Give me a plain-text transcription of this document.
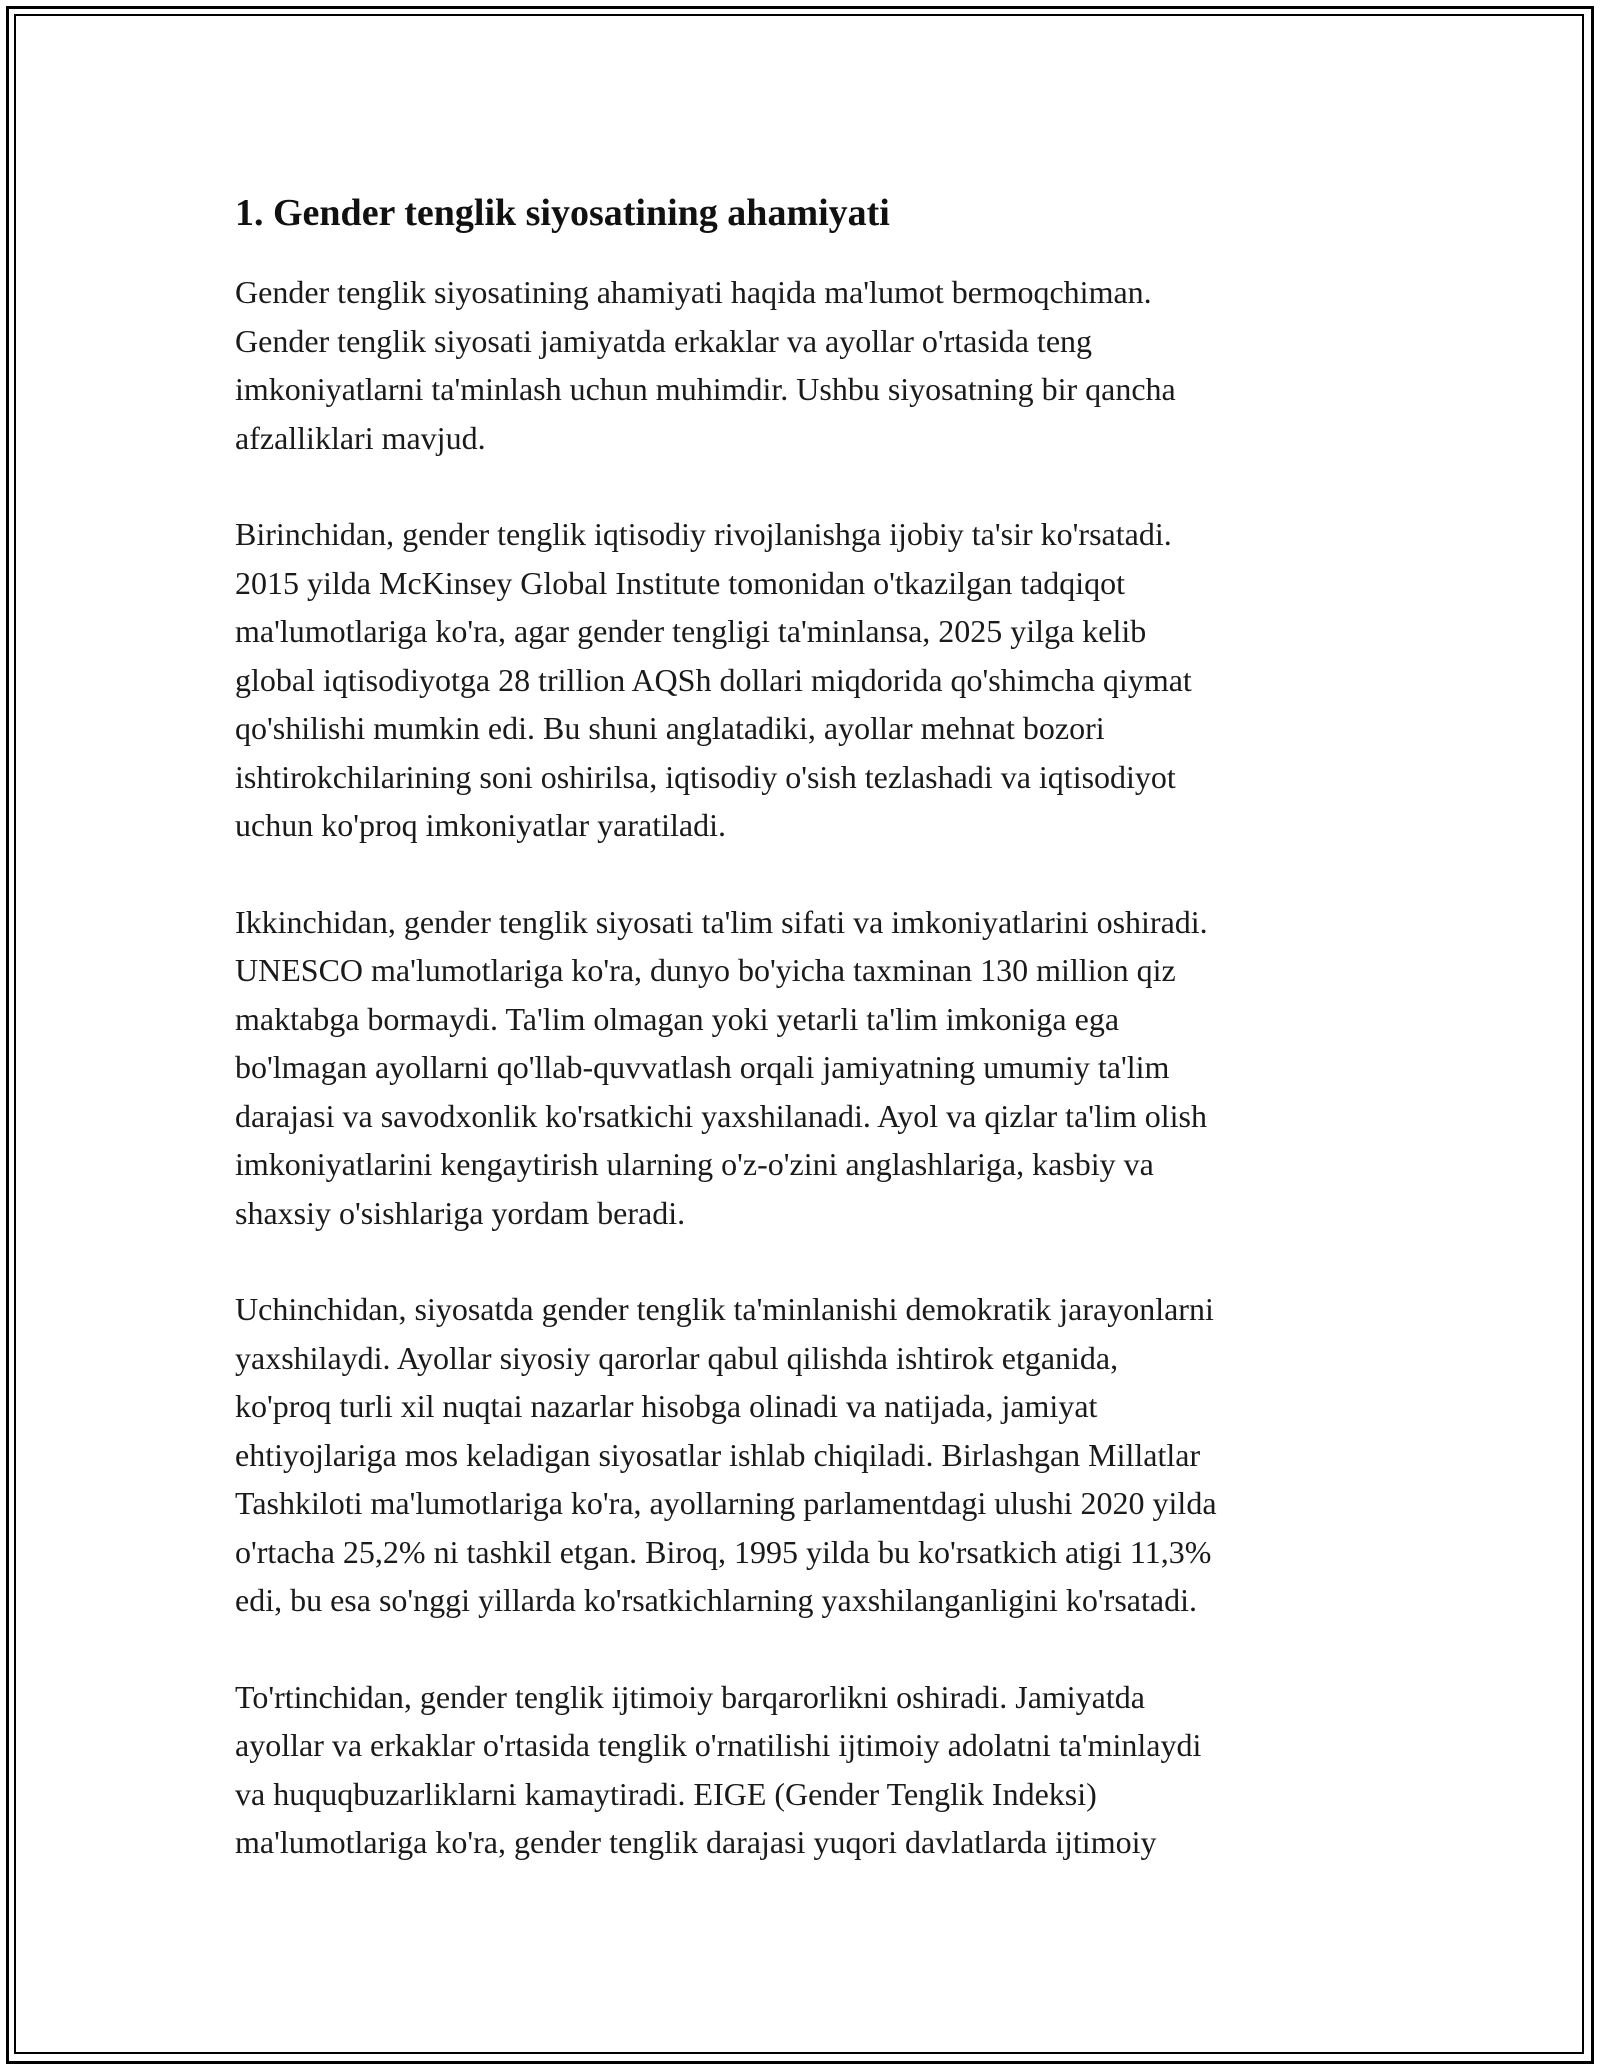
1. Gender tenglik siyosatining ahamiyati

Gender tenglik siyosatining ahamiyati haqida ma'lumot bermoqchiman.
Gender tenglik siyosati jamiyatda erkaklar va ayollar o'rtasida teng
imkoniyatlarni ta'minlash uchun muhimdir. Ushbu siyosatning bir qancha
afzalliklari mavjud.

Birinchidan, gender tenglik iqtisodiy rivojlanishga ijobiy ta'sir ko'rsatadi.
2015 yilda McKinsey Global Institute tomonidan o'tkazilgan tadqiqot
ma'lumotlariga ko'ra, agar gender tengligi ta'minlansa, 2025 yilga kelib
global iqtisodiyotga 28 trillion AQSh dollari miqdorida qo'shimcha qiymat
qo'shilishi mumkin edi. Bu shuni anglatadiki, ayollar mehnat bozori
ishtirokchilarining soni oshirilsa, iqtisodiy o'sish tezlashadi va iqtisodiyot
uchun ko'proq imkoniyatlar yaratiladi.

Ikkinchidan, gender tenglik siyosati ta'lim sifati va imkoniyatlarini oshiradi.
UNESCO ma'lumotlariga ko'ra, dunyo bo'yicha taxminan 130 million qiz
maktabga bormaydi. Ta'lim olmagan yoki yetarli ta'lim imkoniga ega
bo'lmagan ayollarni qo'llab-quvvatlash orqali jamiyatning umumiy ta'lim
darajasi va savodxonlik ko'rsatkichi yaxshilanadi. Ayol va qizlar ta'lim olish
imkoniyatlarini kengaytirish ularning o'z-o'zini anglashlariga, kasbiy va
shaxsiy o'sishlariga yordam beradi.

Uchinchidan, siyosatda gender tenglik ta'minlanishi demokratik jarayonlarni
yaxshilaydi. Ayollar siyosiy qarorlar qabul qilishda ishtirok etganida,
ko'proq turli xil nuqtai nazarlar hisobga olinadi va natijada, jamiyat
ehtiyojlariga mos keladigan siyosatlar ishlab chiqiladi. Birlashgan Millatlar
Tashkiloti ma'lumotlariga ko'ra, ayollarning parlamentdagi ulushi 2020 yilda
o'rtacha 25,2% ni tashkil etgan. Biroq, 1995 yilda bu ko'rsatkich atigi 11,3%
edi, bu esa so'nggi yillarda ko'rsatkichlarning yaxshilanganligini ko'rsatadi.

To'rtinchidan, gender tenglik ijtimoiy barqarorlikni oshiradi. Jamiyatda
ayollar va erkaklar o'rtasida tenglik o'rnatilishi ijtimoiy adolatni ta'minlaydi
va huquqbuzarliklarni kamaytiradi. EIGE (Gender Tenglik Indeksi)
ma'lumotlariga ko'ra, gender tenglik darajasi yuqori davlatlarda ijtimoiy
